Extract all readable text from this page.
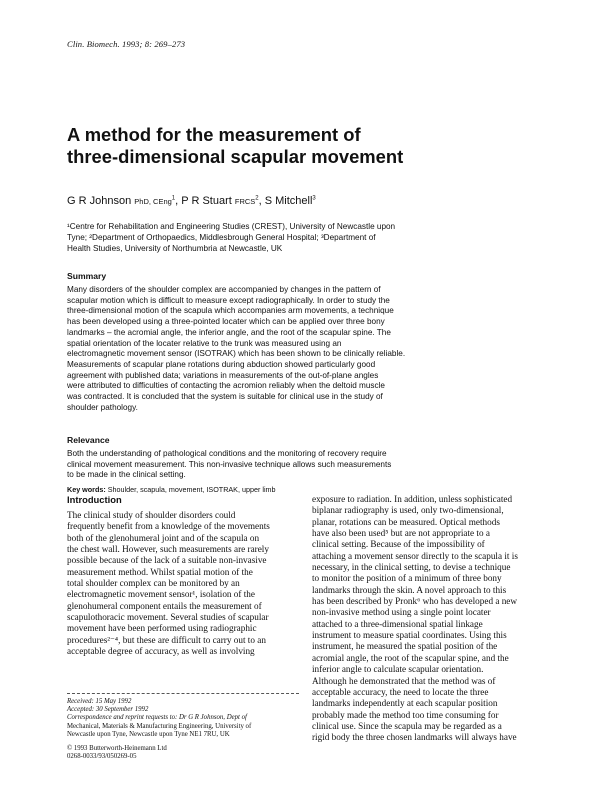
Clin. Biomech. 1993; 8: 269–273
A method for the measurement of
three-dimensional scapular movement
G R Johnson PhD, CEng$^1$, P R Stuart FRCS$^2$, S Mitchell$^3$
¹Centre for Rehabilitation and Engineering Studies (CREST), University of Newcastle upon
Tyne; ²Department of Orthopaedics, Middlesbrough General Hospital; ³Department of
Health Studies, University of Northumbria at Newcastle, UK
Summary
Many disorders of the shoulder complex are accompanied by changes in the pattern of
scapular motion which is difficult to measure except radiographically. In order to study the
three-dimensional motion of the scapula which accompanies arm movements, a technique
has been developed using a three-pointed locater which can be applied over three bony
landmarks – the acromial angle, the inferior angle, and the root of the scapular spine. The
spatial orientation of the locater relative to the trunk was measured using an
electromagnetic movement sensor (ISOTRAK) which has been shown to be clinically reliable.
Measurements of scapular plane rotations during abduction showed particularly good
agreement with published data; variations in measurements of the out-of-plane angles
were attributed to difficulties of contacting the acromion reliably when the deltoid muscle
was contracted. It is concluded that the system is suitable for clinical use in the study of
shoulder pathology.
Relevance
Both the understanding of pathological conditions and the monitoring of recovery require
clinical movement measurement. This non-invasive technique allows such measurements
to be made in the clinical setting.
Key words: Shoulder, scapula, movement, ISOTRAK, upper limb
Introduction
The clinical study of shoulder disorders could
frequently benefit from a knowledge of the movements
both of the glenohumeral joint and of the scapula on
the chest wall. However, such measurements are rarely
possible because of the lack of a suitable non-invasive
measurement method. Whilst spatial motion of the
total shoulder complex can be monitored by an
electromagnetic movement sensor¹, isolation of the
glenohumeral component entails the measurement of
scapulothoracic movement. Several studies of scapular
movement have been performed using radiographic
procedures²⁻⁴, but these are difficult to carry out to an
acceptable degree of accuracy, as well as involving
Received: 15 May 1992
Accepted: 30 September 1992
Correspondence and reprint requests to: Dr G R Johnson, Dept of
Mechanical, Materials & Manufacturing Engineering, University of
Newcastle upon Tyne, Newcastle upon Tyne NE1 7RU, UK
© 1993 Butterworth-Heinemann Ltd
0268-0033/93/050269-05
exposure to radiation. In addition, unless sophisticated
biplanar radiography is used, only two-dimensional,
planar, rotations can be measured. Optical methods
have also been used⁵ but are not appropriate to a
clinical setting. Because of the impossibility of
attaching a movement sensor directly to the scapula it is
necessary, in the clinical setting, to devise a technique
to monitor the position of a minimum of three bony
landmarks through the skin. A novel approach to this
has been described by Pronk⁶ who has developed a new
non-invasive method using a single point locater
attached to a three-dimensional spatial linkage
instrument to measure spatial coordinates. Using this
instrument, he measured the spatial position of the
acromial angle, the root of the scapular spine, and the
inferior angle to calculate scapular orientation.
Although he demonstrated that the method was of
acceptable accuracy, the need to locate the three
landmarks independently at each scapular position
probably made the method too time consuming for
clinical use. Since the scapula may be regarded as a
rigid body the three chosen landmarks will always have
